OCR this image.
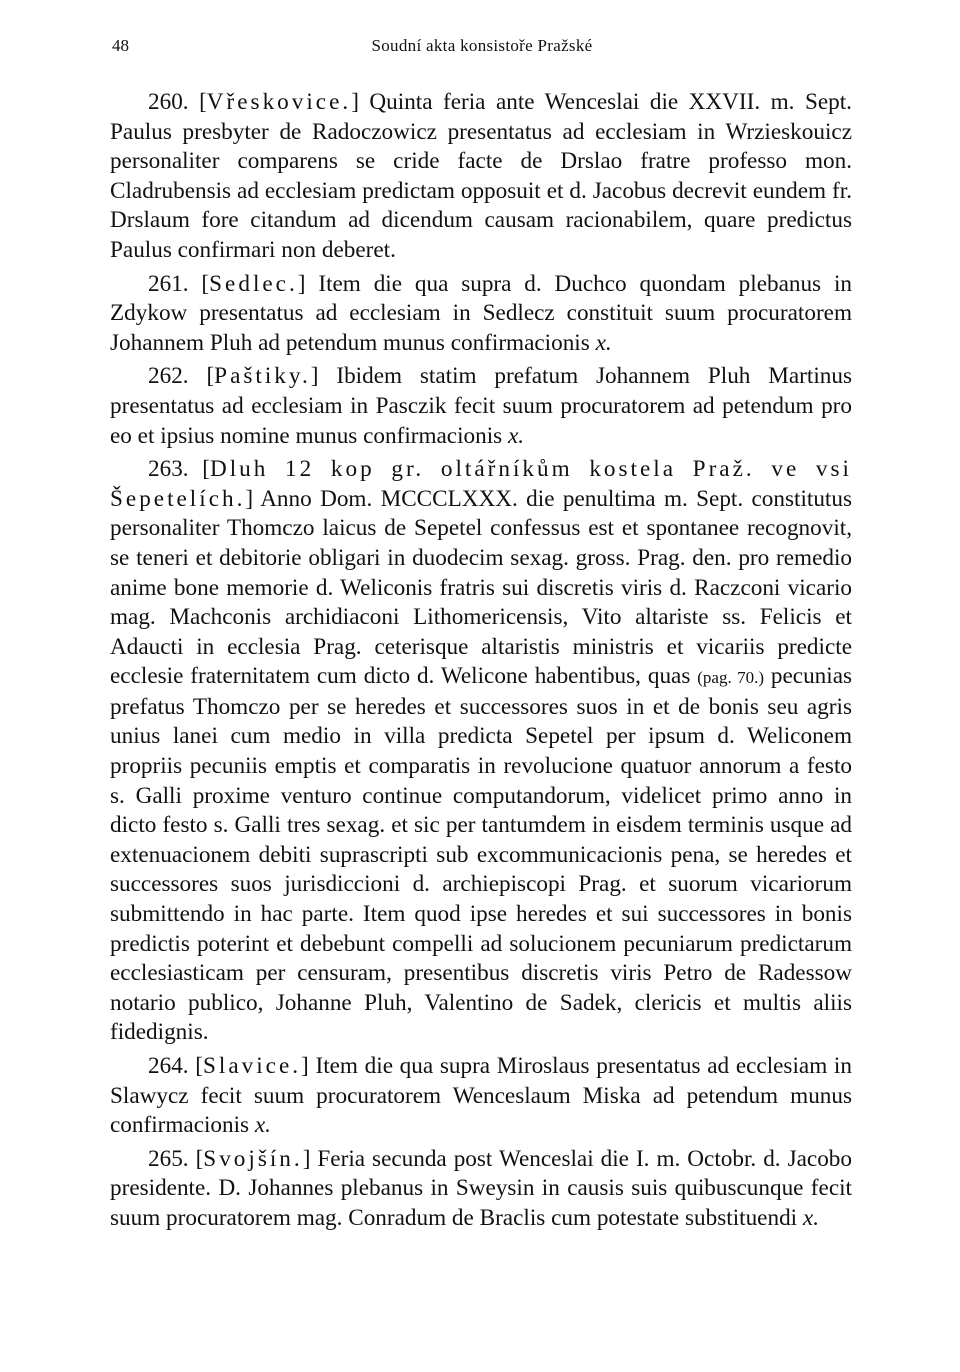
48	Soudní akta konsistoře Pražské

260. [Vřeskovice.] Quinta feria ante Wenceslai die XXVII. m. Sept. Paulus presbyter de Radoczowicz presentatus ad ecclesiam in Wrzieskouicz personaliter comparens se cride facte de Drslao fratre professo mon. Cladrubensis ad ecclesiam predictam opposuit et d. Jacobus decrevit eundem fr. Drslaum fore citandum ad dicendum causam racionabilem, quare predictus Paulus confirmari non deberet.

261. [Sedlec.] Item die qua supra d. Duchco quondam plebanus in Zdykow presentatus ad ecclesiam in Sedlecz constituit suum procuratorem Johannem Pluh ad petendum munus confirmacionis x.

262. [Paštiky.] Ibidem statim prefatum Johannem Pluh Martinus presentatus ad ecclesiam in Pasczik fecit suum procuratorem ad petendum pro eo et ipsius nomine munus confirmacionis x.

263. [Dluh 12 kop gr. oltářníkům kostela Praž. ve vsi Šepetelích.] Anno Dom. MCCCLXXX. die penultima m. Sept. constitutus personaliter Thomczo laicus de Sepetel confessus est et spontanee recognovit, se teneri et debitorie obligari in duodecim sexag. gross. Prag. den. pro remedio anime bone memorie d. Weliconis fratris sui discretis viris d. Raczconi vicario mag. Machconis archidiaconi Lithomericensis, Vito altariste ss. Felicis et Adaucti in ecclesia Prag. ceterisque altaristis ministris et vicariis predicte ecclesie fraternitatem cum dicto d. Welicone habentibus, quas (pag. 70.) pecunias prefatus Thomczo per se heredes et successores suos in et de bonis seu agris unius lanei cum medio in villa predicta Sepetel per ipsum d. Weliconem propriis pecuniis emptis et comparatis in revolucione quatuor annorum a festo s. Galli proxime venturo continue computandorum, videlicet primo anno in dicto festo s. Galli tres sexag. et sic per tantumdem in eisdem terminis usque ad extenuacionem debiti suprascripti sub excommunicacionis pena, se heredes et successores suos jurisdiccioni d. archiepiscopi Prag. et suorum vicariorum submittendo in hac parte. Item quod ipse heredes et sui successores in bonis predictis poterint et debebunt compelli ad solucionem pecuniarum predictarum ecclesiasticam per censuram, presentibus discretis viris Petro de Radessow notario publico, Johanne Pluh, Valentino de Sadek, clericis et multis aliis fidedignis.

264. [Slavice.] Item die qua supra Miroslaus presentatus ad ecclesiam in Slawycz fecit suum procuratorem Wenceslaum Miska ad petendum munus confirmacionis x.

265. [Svojšín.] Feria secunda post Wenceslai die I. m. Octobr. d. Jacobo presidente. D. Johannes plebanus in Sweysin in causis suis quibuscunque fecit suum procuratorem mag. Conradum de Braclis cum potestate substituendi x.
